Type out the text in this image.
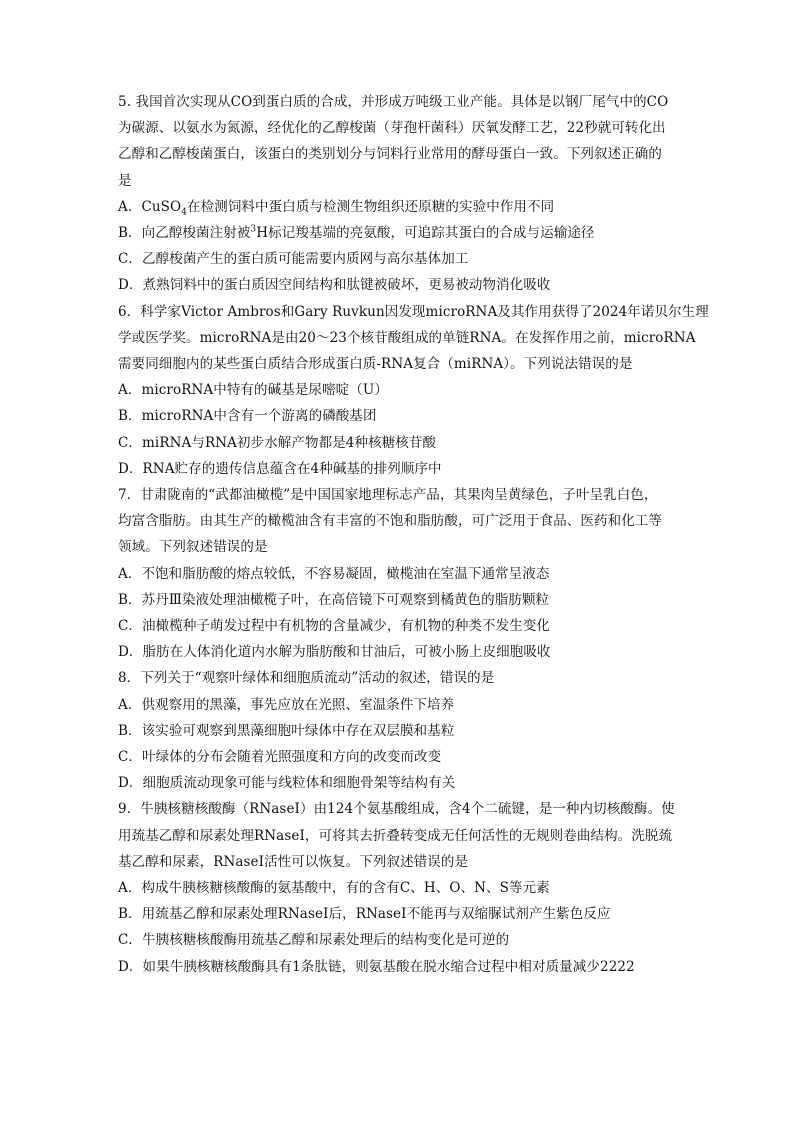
5. 我国首次实现从CO到蛋白质的合成，并形成万吨级工业产能。具体是以钢厂尾气中的CO
为碳源、以氨水为氮源，经优化的乙醇梭菌（芽孢杆菌科）厌氧发酵工艺，22秒就可转化出
乙醇和乙醇梭菌蛋白，该蛋白的类别划分与饲料行业常用的酵母蛋白一致。下列叙述正确的
是
A．CuSO$_4$在检测饲料中蛋白质与检测生物组织还原糖的实验中作用不同
B．向乙醇梭菌注射被$^3$H标记羧基端的亮氨酸，可追踪其蛋白的合成与运输途径
C．乙醇梭菌产生的蛋白质可能需要内质网与高尔基体加工
D．煮熟饲料中的蛋白质因空间结构和肽键被破坏，更易被动物消化吸收
6．科学家Victor Ambros和Gary Ruvkun因发现microRNA及其作用获得了2024年诺贝尔生理
学或医学奖。microRNA是由20～23个核苷酸组成的单链RNA。在发挥作用之前，microRNA
需要同细胞内的某些蛋白质结合形成蛋白质-RNA复合（miRNA）。下列说法错误的是
A．microRNA中特有的碱基是尿嘧啶（U）
B．microRNA中含有一个游离的磷酸基团
C．miRNA与RNA初步水解产物都是4种核糖核苷酸
D．RNA贮存的遗传信息蕴含在4种碱基的排列顺序中
7．甘肃陇南的“武都油橄榄”是中国国家地理标志产品，其果肉呈黄绿色，子叶呈乳白色，
均富含脂肪。由其生产的橄榄油含有丰富的不饱和脂肪酸，可广泛用于食品、医药和化工等
领域。下列叙述错误的是
A．不饱和脂肪酸的熔点较低，不容易凝固，橄榄油在室温下通常呈液态
B．苏丹Ⅲ染液处理油橄榄子叶，在高倍镜下可观察到橘黄色的脂肪颗粒
C．油橄榄种子萌发过程中有机物的含量减少，有机物的种类不发生变化
D．脂肪在人体消化道内水解为脂肪酸和甘油后，可被小肠上皮细胞吸收
8．下列关于“观察叶绿体和细胞质流动”活动的叙述，错误的是
A．供观察用的黑藻，事先应放在光照、室温条件下培养
B．该实验可观察到黑藻细胞叶绿体中存在双层膜和基粒
C．叶绿体的分布会随着光照强度和方向的改变而改变
D．细胞质流动现象可能与线粒体和细胞骨架等结构有关
9．牛胰核糖核酸酶（RNaseI）由124个氨基酸组成，含4个二硫键，是一种内切核酸酶。使
用巯基乙醇和尿素处理RNaseI，可将其去折叠转变成无任何活性的无规则卷曲结构。洗脱巯
基乙醇和尿素，RNaseI活性可以恢复。下列叙述错误的是
A．构成牛胰核糖核酸酶的氨基酸中，有的含有C、H、O、N、S等元素
B．用巯基乙醇和尿素处理RNaseI后，RNaseI不能再与双缩脲试剂产生紫色反应
C．牛胰核糖核酸酶用巯基乙醇和尿素处理后的结构变化是可逆的
D．如果牛胰核糖核酸酶具有1条肽链，则氨基酸在脱水缩合过程中相对质量减少2222
